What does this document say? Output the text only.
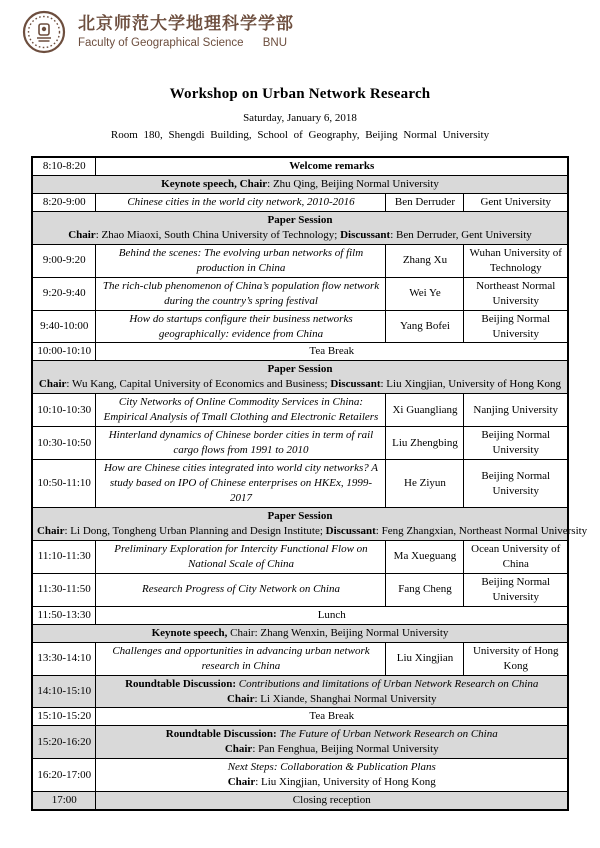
北京师范大学地理科学学部
Faculty of Geographical Science BNU
Workshop on Urban Network Research
Saturday, January 6, 2018
Room 180, Shengdi Building, School of Geography, Beijing Normal University
8:10-8:20	Welcome remarks		

Keynote speech, Chair: Zhu Qing, Beijing Normal University			

8:20-9:00	Chinese cities in the world city network, 2010-2016	Ben Derruder	Gent University

Paper Session
Chair: Zhao Miaoxi, South China University of Technology; Discussant: Ben Derruder, Gent University			

9:00-9:20	Behind the scenes: The evolving urban networks of film production in China	Zhang Xu	Wuhan University of Technology

9:20-9:40	The rich-club phenomenon of China’s population flow network during the country’s spring festival	Wei Ye	Northeast Normal University

9:40-10:00	How do startups configure their business networks geographically: evidence from China	Yang Bofei	Beijing Normal University

10:00-10:10	Tea Break		

Paper Session
Chair: Wu Kang, Capital University of Economics and Business; Discussant: Liu Xingjian, University of Hong Kong			

10:10-10:30	City Networks of Online Commodity Services in China: Empirical Analysis of Tmall Clothing and Electronic Retailers	Xi Guangliang	Nanjing University

10:30-10:50	Hinterland dynamics of Chinese border cities in term of rail cargo flows from 1991 to 2010	Liu Zhengbing	Beijing Normal University

10:50-11:10	How are Chinese cities integrated into world city networks? A study based on IPO of Chinese enterprises on HKEx, 1999-2017	He Ziyun	Beijing Normal University

Paper Session
Chair: Li Dong, Tongheng Urban Planning and Design Institute; Discussant: Feng Zhangxian, Northeast Normal University			

11:10-11:30	Preliminary Exploration for Intercity Functional Flow on National Scale of China	Ma Xueguang	Ocean University of China

11:30-11:50	Research Progress of City Network on China	Fang Cheng	Beijing Normal University

11:50-13:30	Lunch		

Keynote speech, Chair: Zhang Wenxin, Beijing Normal University			

13:30-14:10	Challenges and opportunities in advancing urban network research in China	Liu Xingjian	University of Hong Kong

14:10-15:10	Roundtable Discussion: Contributions and limitations of Urban Network Research on China
Chair: Li Xiande, Shanghai Normal University		

15:10-15:20	Tea Break		

15:20-16:20	Roundtable Discussion: The Future of Urban Network Research on China
Chair: Pan Fenghua, Beijing Normal University		

16:20-17:00	Next Steps: Collaboration & Publication Plans
Chair: Liu Xingjian, University of Hong Kong		

17:00	Closing reception		
